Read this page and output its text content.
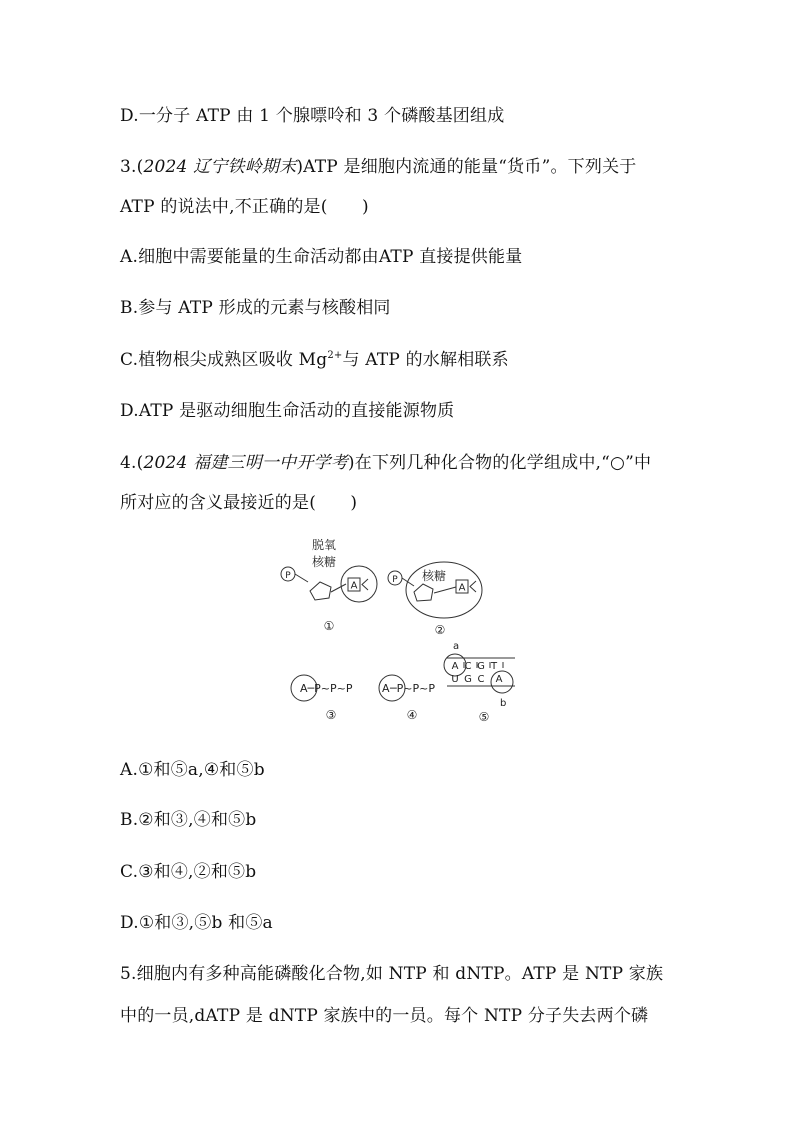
D.一分子 ATP 由 1 个腺嘌呤和 3 个磷酸基团组成
3.(2024 辽宁铁岭期末)ATP 是细胞内流通的能量“货币”。下列关于
ATP 的说法中,不正确的是(　　)
A.细胞中需要能量的生命活动都由ATP 直接提供能量
B.参与 ATP 形成的元素与核酸相同
C.植物根尖成熟区吸收 $Mg^{2+}$与 ATP 的水解相联系
D.ATP 是驱动细胞生命活动的直接能源物质
4.(2024 福建三明一中开学考)在下列几种化合物的化学组成中,“○”中
所对应的含义最接近的是(　　)
P
脱氧
核糖
A
①
P 核糖
A
②
A─P~P~P
③
A ─P~P~P
④
a
A C G T
U G C A
b
⑤
A.①和⑤a,④和⑤b
B.②和③,④和⑤b
C.③和④,②和⑤b
D.①和③,⑤b 和⑤a
5.细胞内有多种高能磷酸化合物,如 NTP 和 dNTP。ATP 是 NTP 家族
中的一员,dATP 是 dNTP 家族中的一员。每个 NTP 分子失去两个磷
